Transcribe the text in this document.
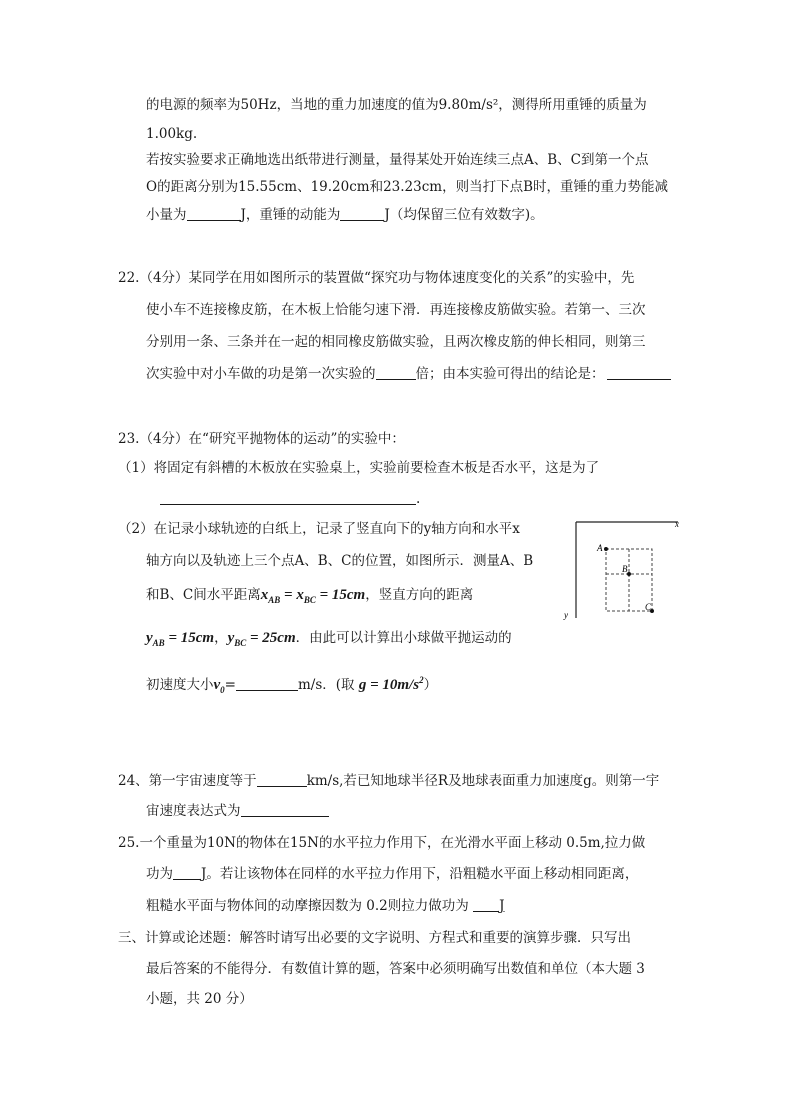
的电源的频率为50Hz，当地的重力加速度的值为9.80m/s²，测得所用重锤的质量为
1.00kg.
若按实验要求正确地选出纸带进行测量，量得某处开始连续三点A、B、C到第一个点
O的距离分别为15.55cm、19.20cm和23.23cm，则当打下点B时，重锤的重力势能减
小量为	J，重锤的动能为	J（均保留三位有效数字)。
22.（4分）某同学在用如图所示的装置做“探究功与物体速度变化的关系”的实验中，先
使小车不连接橡皮筋，在木板上恰能匀速下滑．再连接橡皮筋做实验。若第一、三次
分别用一条、三条并在一起的相同橡皮筋做实验，且两次橡皮筋的伸长相同，则第三
次实验中对小车做的功是第一次实验的	倍；由本实验可得出的结论是：
23.（4分）在“研究平抛物体的运动”的实验中：
（1）将固定有斜槽的木板放在实验桌上，实验前要检查木板是否水平，这是为了
.
（2）在记录小球轨迹的白纸上，记录了竖直向下的y轴方向和水平x
轴方向以及轨迹上三个点A、B、C的位置，如图所示．测量A、B
和B、C间水平距离$x_{AB} = x_{BC} = 15cm$，竖直方向的距离
$y_{AB} = 15cm$，$y_{BC} = 25cm$．由此可以计算出小球做平抛运动的
初速度大小$v_0=$	m/s．(取 $g = 10m/s^2$）
x
y
A
B
C
24、第一宇宙速度等于	km/s,若已知地球半径R及地球表面重力加速度g。则第一宇
宙速度表达式为
25.一个重量为10N的物体在15N的水平拉力作用下，在光滑水平面上移动 0.5m,拉力做
功为 J。若让该物体在同样的水平拉力作用下，沿粗糙水平面上移动相同距离，
粗糙水平面与物体间的动摩擦因数为 0.2则拉力做功为 J
三、计算或论述题：解答时请写出必要的文字说明、方程式和重要的演算步骤．只写出
最后答案的不能得分．有数值计算的题，答案中必须明确写出数值和单位（本大题 3
小题，共 20 分）
